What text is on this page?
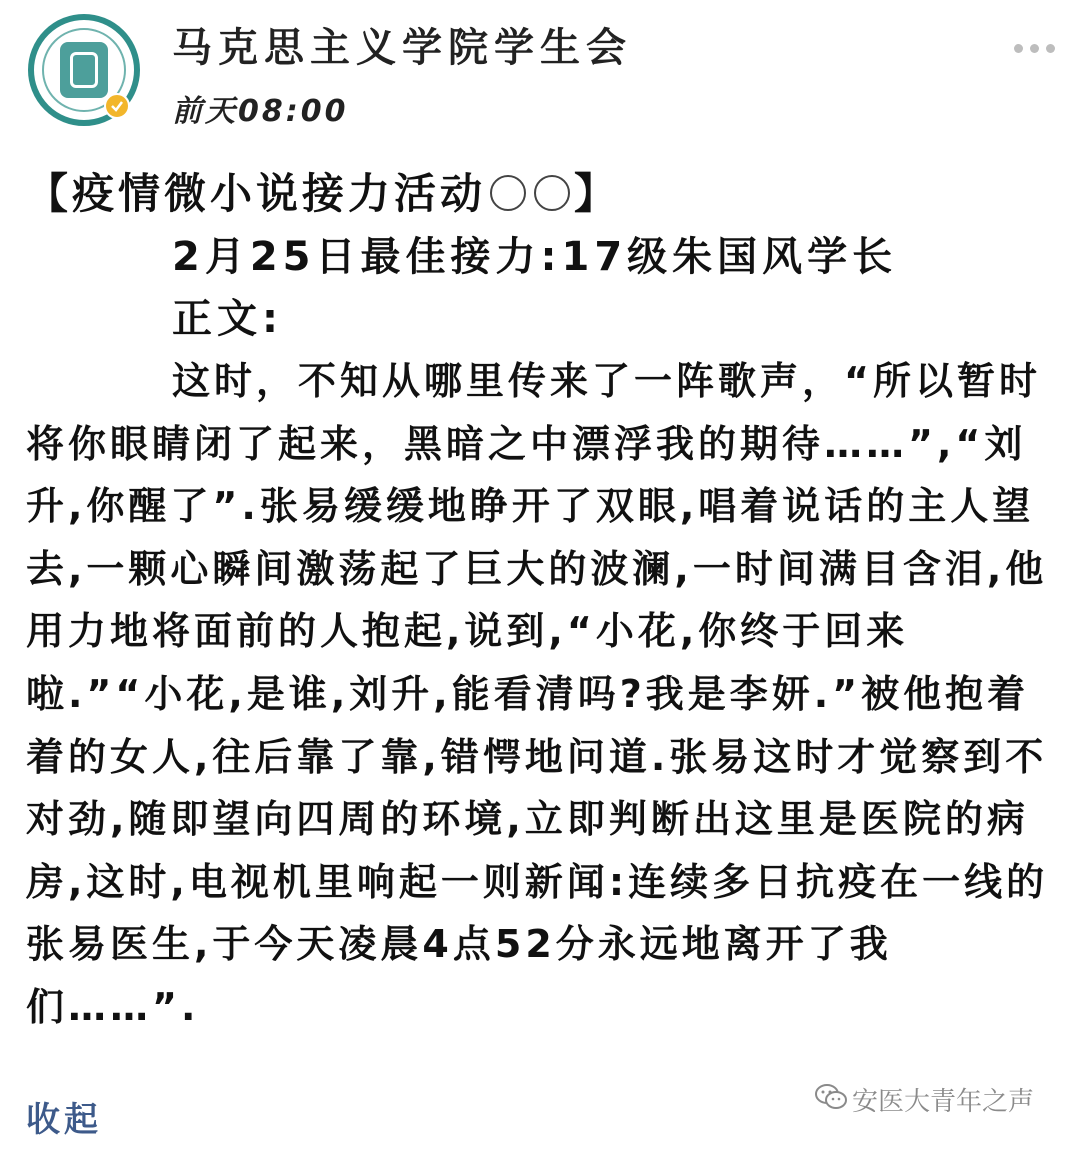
马克思主义学院学生会
前天08:00
【疫情微小说接力活动 】
2月25日最佳接力:17级朱国风学长
正文:
这时，不知从哪里传来了一阵歌声，“所以暂时将你眼睛闭了起来，黑暗之中漂浮我的期待……”,“刘升,你醒了”.张易缓缓地睁开了双眼,唱着说话的主人望去,一颗心瞬间激荡起了巨大的波澜,一时间满目含泪,他用力地将面前的人抱起,说到,“小花,你终于回来啦.”“小花,是谁,刘升,能看清吗?我是李妍.”被他抱着着的女人,往后靠了靠,错愕地问道.张易这时才觉察到不对劲,随即望向四周的环境,立即判断出这里是医院的病房,这时,电视机里响起一则新闻:连续多日抗疫在一线的张易医生,于今天凌晨4点52分永远地离开了我们……”.
收起	安医大青年之声
